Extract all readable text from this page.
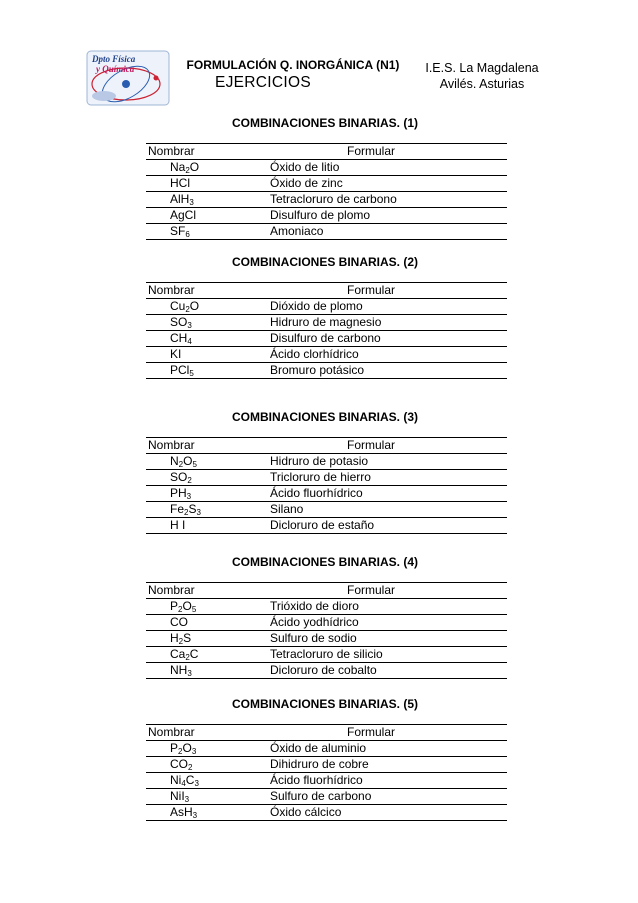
Dpto Física
y Química	FORMULACIÓN Q. INORGÁNICA (N1)
EJERCICIOS
I.E.S. La Magdalena
Avilés. Asturias
COMBINACIONES BINARIAS. (1)
Nombrar	Formular
$Na_2O$	Óxido de litio
HCl	Óxido de zinc
AlH$_3$	Tetracloruro de carbono
AgCl	Disulfuro de plomo
$SF_6$	Amoniaco
COMBINACIONES BINARIAS. (2)
Nombrar	Formular
$Cu_2O$	Dióxido de plomo
$SO_3$	Hidruro de magnesio
$CH_4$	Disulfuro de carbono
KI	Ácido clorhídrico
PCl$_5$	Bromuro potásico
COMBINACIONES BINARIAS. (3)
Nombrar	Formular
$N_2O_5$	Hidruro de potasio
$SO_2$	Tricloruro de hierro
$PH_3$	Ácido fluorhídrico
$Fe_2S_3$	Silano
H I	Dicloruro de estaño
COMBINACIONES BINARIAS. (4)
Nombrar	Formular
$P_2O_5$	Trióxido de dioro
CO	Ácido yodhídrico
$H_2S$	Sulfuro de sodio
$Ca_2C$	Tetracloruro de silicio
$NH_3$	Dicloruro de cobalto
COMBINACIONES BINARIAS. (5)
Nombrar	Formular
$P_2O_3$	Óxido de aluminio
$CO_2$	Dihidruro de cobre
$Ni_4C_3$	Ácido fluorhídrico
NiI$_3$	Sulfuro de carbono
AsH$_3$	Óxido cálcico
